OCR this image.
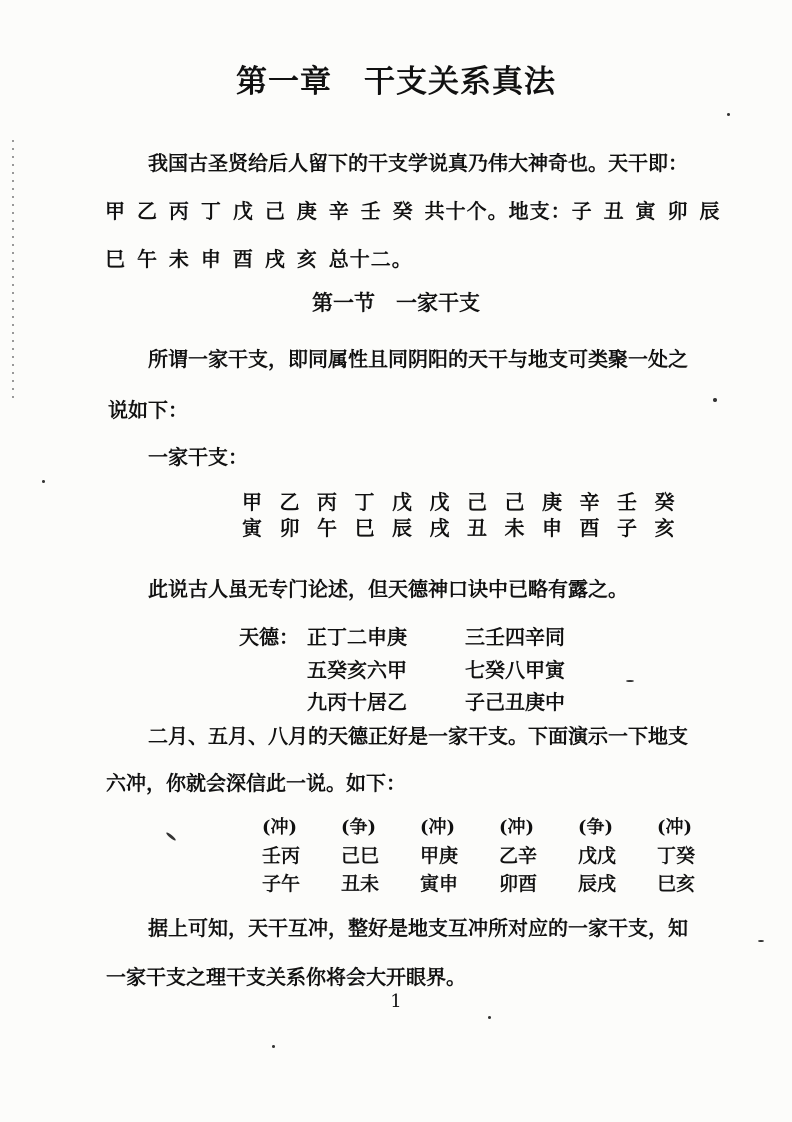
第一章　干支关系真法
我国古圣贤给后人留下的干支学说真乃伟大神奇也。天干即：
甲 乙 丙 丁 戊 己 庚 辛 壬 癸 共十个。地支：子 丑 寅 卯 辰
巳 午 未 申 酉 戌 亥 总十二。
第一节　一家干支
所谓一家干支，即同属性且同阴阳的天干与地支可类聚一处之
说如下：
一家干支：
甲 乙 丙 丁 戊 戊 己 己 庚 辛 壬 癸
寅 卯 午 巳 辰 戌 丑 未 申 酉 子 亥
此说古人虽无专门论述，但天德神口诀中已略有露之。
天德： 正丁二申庚	三壬四辛同
五癸亥六甲	七癸八甲寅
九丙十居乙	子己丑庚中
二月、五月、八月的天德正好是一家干支。下面演示一下地支
六冲，你就会深信此一说。如下：
(冲)	(争)	(冲)	(冲)	(争)	(冲)
壬丙	己巳	甲庚	乙辛	戊戊	丁癸
子午	丑未	寅申	卯酉	辰戌	巳亥
据上可知，天干互冲，整好是地支互冲所对应的一家干支，知
一家干支之理干支关系你将会大开眼界。
1
